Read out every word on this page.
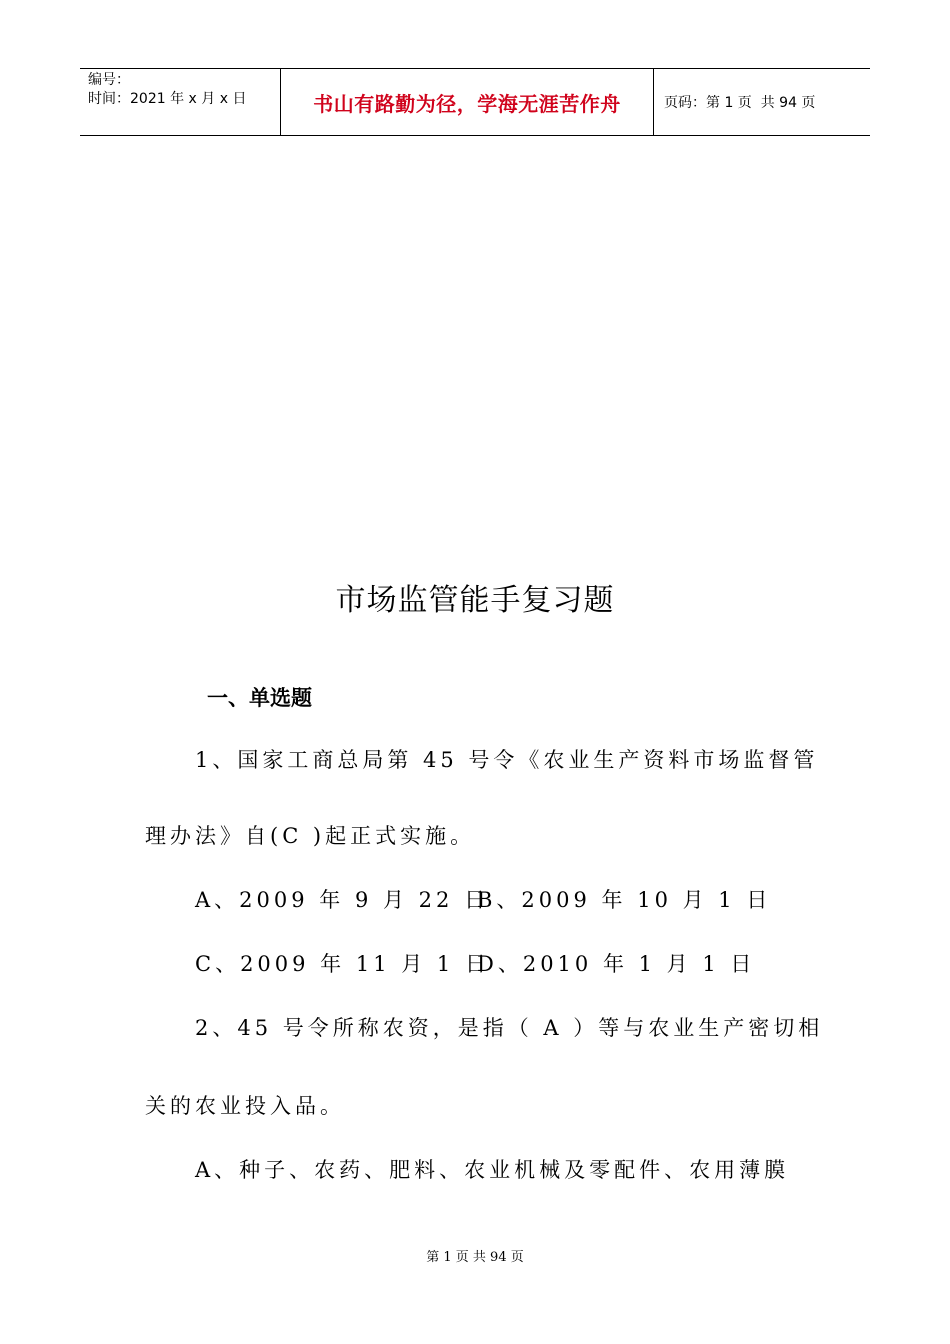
编号：
时间：2021 年 x 月 x 日	书山有路勤为径，学海无涯苦作舟	页码：第 1 页  共 94 页
市场监管能手复习题
一、单选题
1、国家工商总局第 45 号令《农业生产资料市场监督管
理办法》自(C )起正式实施。
A、2009 年 9 月 22 日
B、2009 年 10 月 1 日
C、2009 年 11 月 1 日
D、2010 年 1 月 1 日
2、45 号令所称农资，是指（ A ）等与农业生产密切相
关的农业投入品。
A、种子、农药、肥料、农业机械及零配件、农用薄膜
第 1 页 共 94 页
